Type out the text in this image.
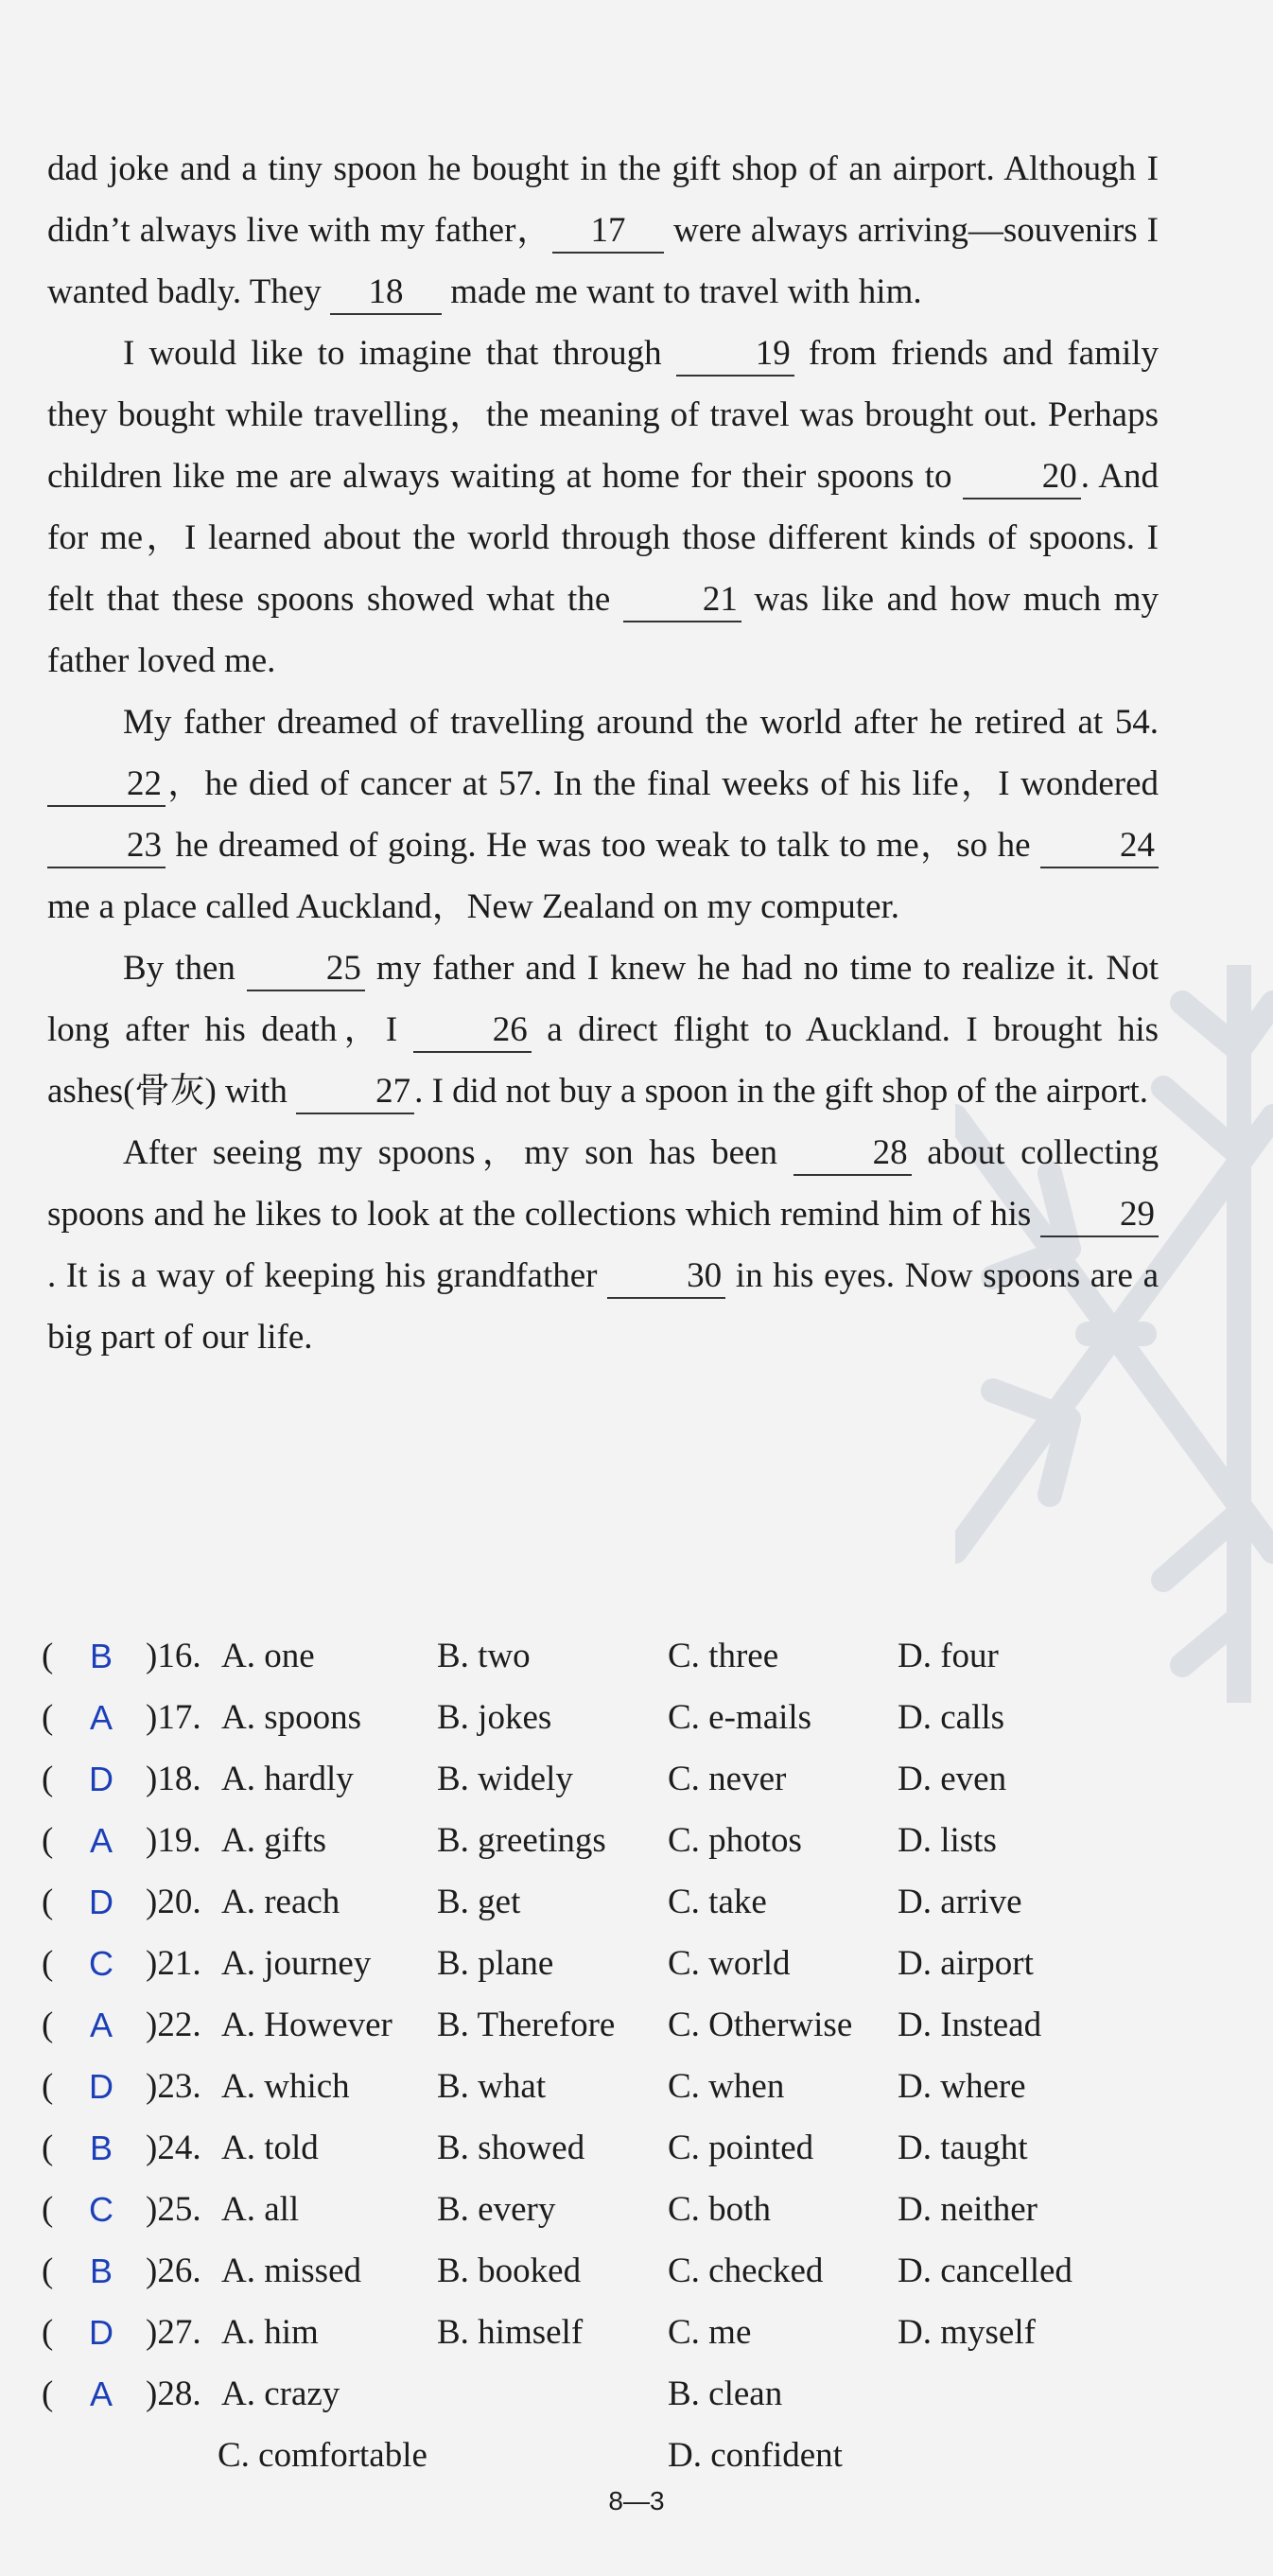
dad joke and a tiny spoon he bought in the gift shop of an airport. Although I didn’t always live with my father， 17 were always arriving—souvenirs I wanted badly. They 18 made me want to travel with him.

I would like to imagine that through 19 from friends and family they bought while travelling，the meaning of travel was brought out. Perhaps children like me are always waiting at home for their spoons to 20 . And for me，I learned about the world through those different kinds of spoons. I felt that these spoons showed what the 21 was like and how much my father loved me.

My father dreamed of travelling around the world after he retired at 54. 22 ，he died of cancer at 57. In the final weeks of his life，I wondered 23 he dreamed of going. He was too weak to talk to me，so he 24 me a place called Auckland，New Zealand on my computer.

By then 25 my father and I knew he had no time to realize it. Not long after his death，I 26 a direct flight to Auckland. I brought his ashes(骨灰) with 27 . I did not buy a spoon in the gift shop of the airport.

After seeing my spoons，my son has been 28 about collecting spoons and he likes to look at the collections which remind him of his 29. It is a way of keeping his grandfather 30 in his eyes. Now spoons are a big part of our life.

(	B )16. A. one	B. two	C. three	D. four
(	A )17. A. spoons B. jokes	C. e-mails D. calls
(	D )18. A. hardly B. widely	C. never	D. even
(	A )19. A. gifts	B. greetings C. photos	D. lists
(	D )20. A. reach	B. get	C. take	D. arrive
(	C )21. A. journey B. plane	C. world	D. airport
(	A )22. A. However B. Therefore C. Otherwise D. Instead
(	D )23. A. which B. what	C. when	D. where
(	B )24. A. told	B. showed C. pointed D. taught
(	C )25. A. all	B. every	C. both	D. neither
(	B )26. A. missed B. booked C. checked D. cancelled
(	D )27. A. him	B. himself C. me	D. myself
(	A )28. A. crazy	B. clean
C. comfortable	D. confident
8—3
